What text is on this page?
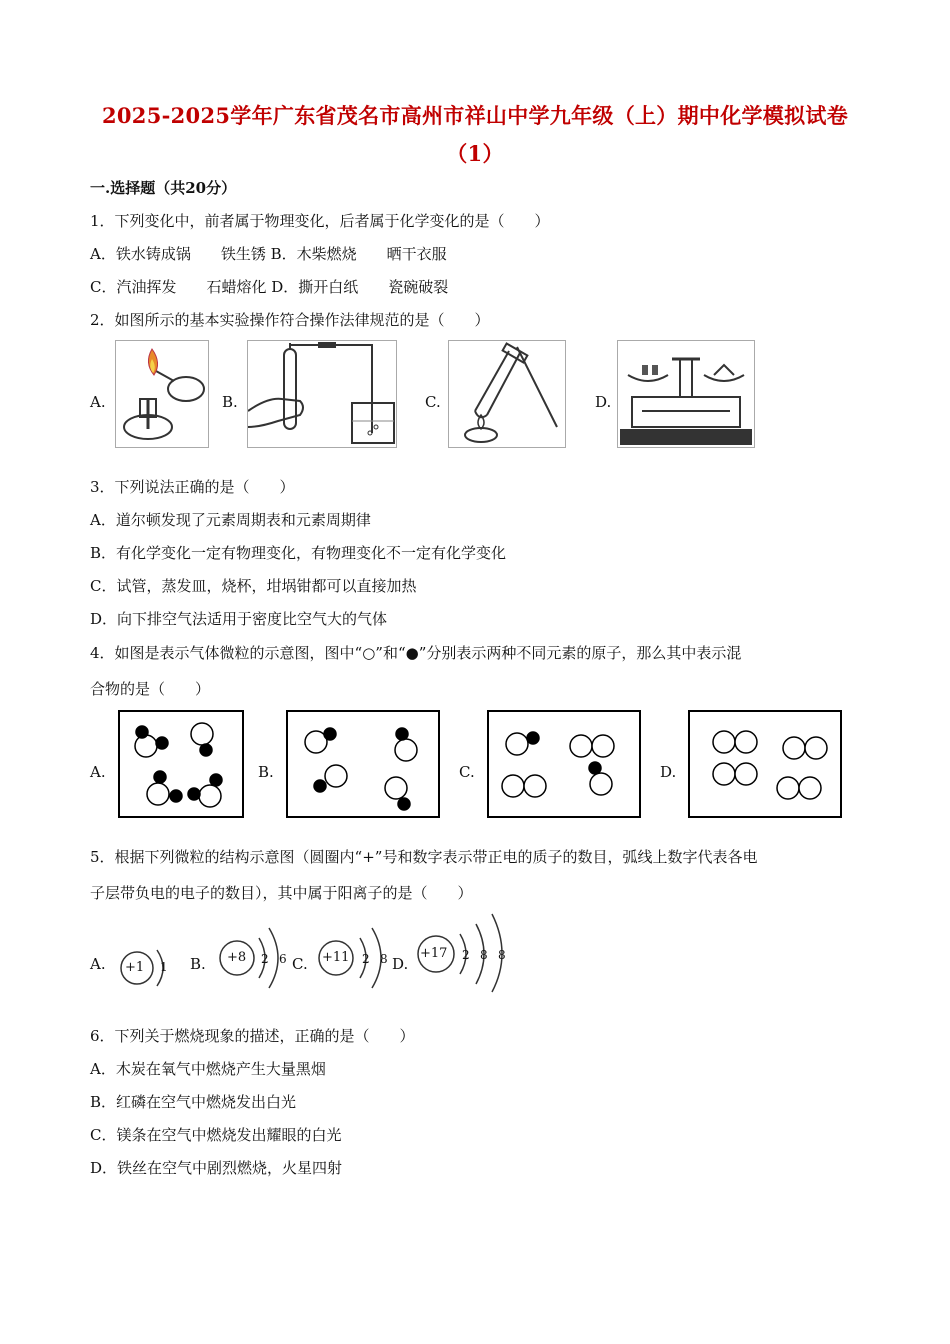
2025-2025学年广东省茂名市高州市祥山中学九年级（上）期中化学模拟试卷
（1）
一.选择题（共20分）
1．下列变化中，前者属于物理变化，后者属于化学变化的是（　　）
A．铁水铸成锅　　铁生锈 B．木柴燃烧　　晒干衣服
C．汽油挥发　　石蜡熔化 D．撕开白纸　　瓷碗破裂
2．如图所示的基本实验操作符合操作法律规范的是（　　）
A.	B.	C.	D.
3．下列说法正确的是（　　）
A．道尔顿发现了元素周期表和元素周期律
B．有化学变化一定有物理变化，有物理变化不一定有化学变化
C．试管，蒸发皿，烧杯，坩埚钳都可以直接加热
D．向下排空气法适用于密度比空气大的气体
4．如图是表示气体微粒的示意图，图中“○”和“●”分别表示两种不同元素的原子，那么其中表示混
合物的是（　　）
A.	B.	C.	D.
5．根据下列微粒的结构示意图（圆圈内“+”号和数字表示带正电的质子的数目，弧线上数字代表各电
子层带负电的电子的数目），其中属于阳离子的是（　　）
A. +1 1 B. +8 2 6 C. +11 2 8 D.
+17 2 8 8
6．下列关于燃烧现象的描述，正确的是（　　）
A．木炭在氧气中燃烧产生大量黑烟
B．红磷在空气中燃烧发出白光
C．镁条在空气中燃烧发出耀眼的白光
D．铁丝在空气中剧烈燃烧，火星四射
